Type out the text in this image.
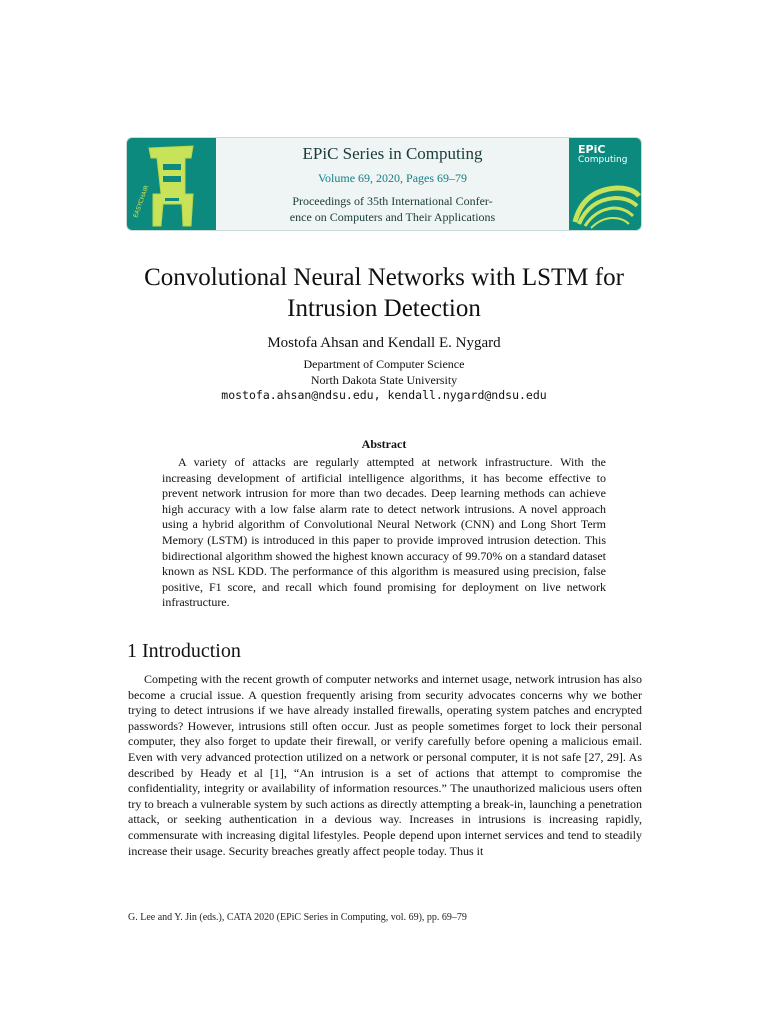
EASYCHAIR
EPiC Series in Computing
Volume 69, 2020, Pages 69–79
Proceedings of 35th International Confer-
ence on Computers and Their Applications
EPiC
Computing
Convolutional Neural Networks with LSTM for
Intrusion Detection
Mostofa Ahsan and Kendall E. Nygard
Department of Computer Science
North Dakota State University
mostofa.ahsan@ndsu.edu, kendall.nygard@ndsu.edu
Abstract

A variety of attacks are regularly attempted at network infrastructure. With the increasing development of artificial intelligence algorithms, it has become effective to prevent network intrusion for more than two decades. Deep learning methods can achieve high accuracy with a low false alarm rate to detect network intrusions. A novel approach using a hybrid algorithm of Convolutional Neural Network (CNN) and Long Short Term Memory (LSTM) is introduced in this paper to provide improved intrusion detection. This bidirectional algorithm showed the highest known accuracy of 99.70% on a standard dataset known as NSL KDD. The performance of this algorithm is measured using precision, false positive, F1 score, and recall which found promising for deployment on live network infrastructure.

1 Introduction

Competing with the recent growth of computer networks and internet usage, network intrusion has also become a crucial issue. A question frequently arising from security advocates concerns why we bother trying to detect intrusions if we have already installed firewalls, operating system patches and encrypted passwords? However, intrusions still often occur. Just as people sometimes forget to lock their personal computer, they also forget to update their firewall, or verify carefully before opening a malicious email. Even with very advanced protection utilized on a network or personal computer, it is not safe [27, 29]. As described by Heady et al [1], “An intrusion is a set of actions that attempt to compromise the confidentiality, integrity or availability of information resources.” The unauthorized malicious users often try to breach a vulnerable system by such actions as directly attempting a break-in, launching a penetration attack, or seeking authentication in a devious way. Increases in intrusions is increasing rapidly, commensurate with increasing digital lifestyles. People depend upon internet services and tend to steadily increase their usage. Security breaches greatly affect people today. Thus it

G. Lee and Y. Jin (eds.), CATA 2020 (EPiC Series in Computing, vol. 69), pp. 69–79
